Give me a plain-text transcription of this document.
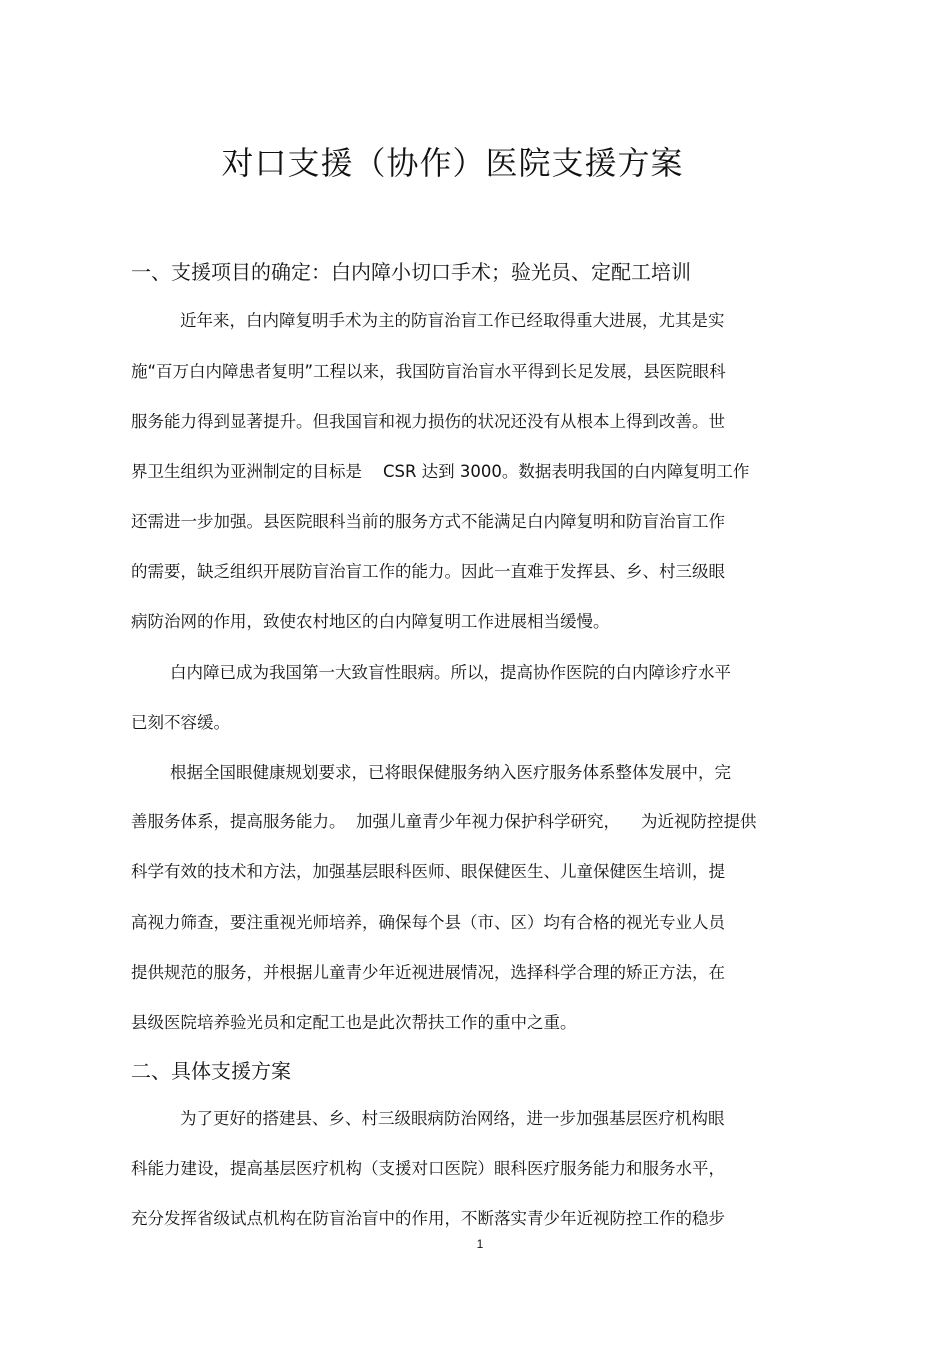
对口支援（协作）医院支援方案
一、支援项目的确定：白内障小切口手术；验光员、定配工培训
近年来，白内障复明手术为主的防盲治盲工作已经取得重大进展，尤其是实
施“百万白内障患者复明”工程以来，我国防盲治盲水平得到长足发展，县医院眼科
服务能力得到显著提升。但我国盲和视力损伤的状况还没有从根本上得到改善。世
界卫生组织为亚洲制定的目标是    CSR 达到 3000。数据表明我国的白内障复明工作
还需进一步加强。县医院眼科当前的服务方式不能满足白内障复明和防盲治盲工作
的需要，缺乏组织开展防盲治盲工作的能力。因此一直难于发挥县、乡、村三级眼
病防治网的作用，致使农村地区的白内障复明工作进展相当缓慢。
白内障已成为我国第一大致盲性眼病。所以，提高协作医院的白内障诊疗水平
已刻不容缓。
根据全国眼健康规划要求，已将眼保健服务纳入医疗服务体系整体发展中，完
善服务体系，提高服务能力。  加强儿童青少年视力保护科学研究，    为近视防控提供
科学有效的技术和方法，加强基层眼科医师、眼保健医生、儿童保健医生培训，提
高视力筛查，要注重视光师培养，确保每个县（市、区）均有合格的视光专业人员
提供规范的服务，并根据儿童青少年近视进展情况，选择科学合理的矫正方法，在
县级医院培养验光员和定配工也是此次帮扶工作的重中之重。
二、具体支援方案
为了更好的搭建县、乡、村三级眼病防治网络，进一步加强基层医疗机构眼
科能力建设，提高基层医疗机构（支援对口医院）眼科医疗服务能力和服务水平，
充分发挥省级试点机构在防盲治盲中的作用，不断落实青少年近视防控工作的稳步
1
